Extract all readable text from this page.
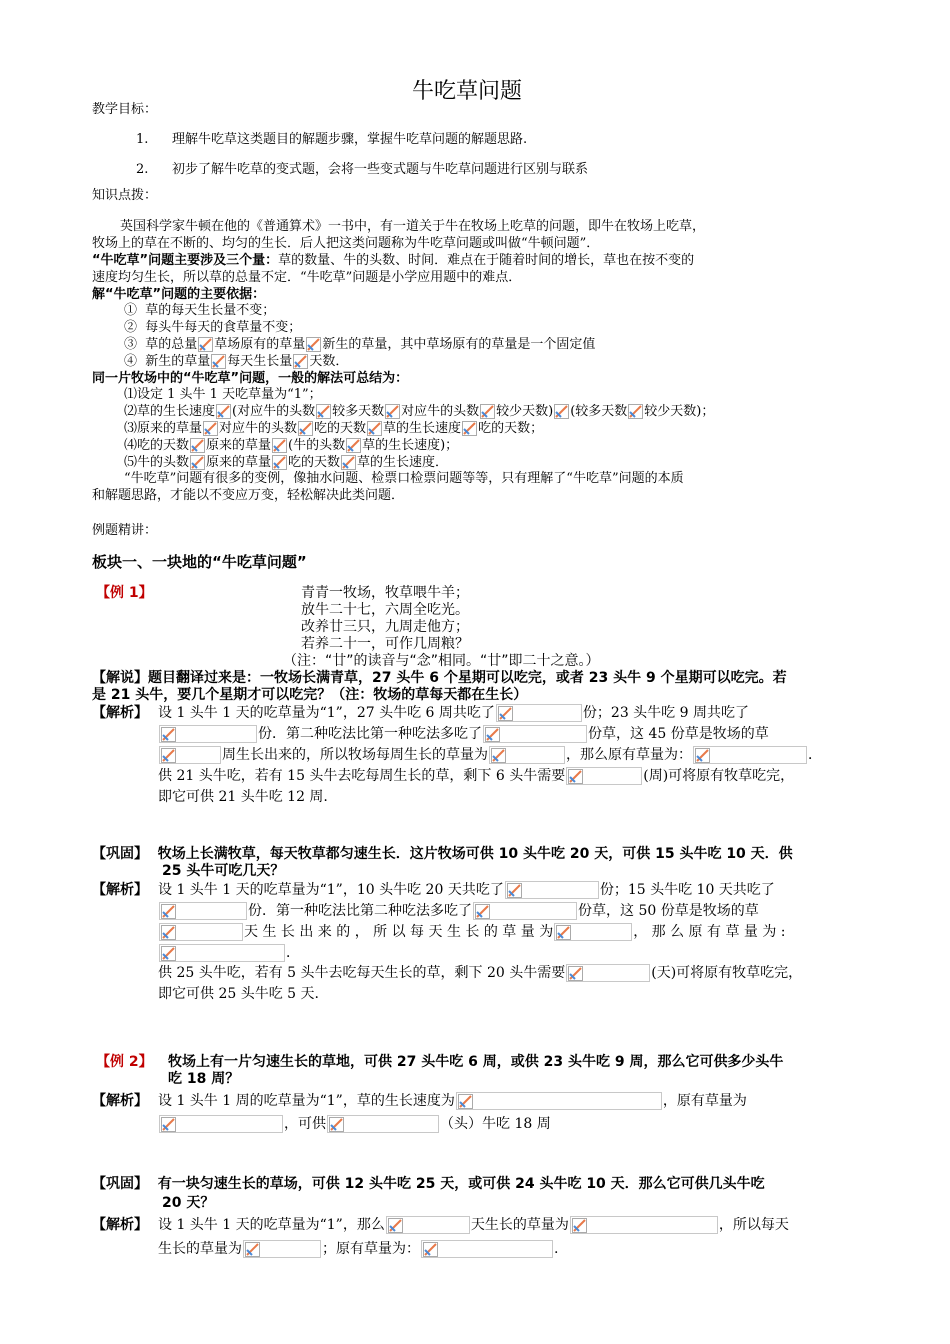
牛吃草问题
教学目标：
1. 理解牛吃草这类题目的解题步骤，掌握牛吃草问题的解题思路.
2. 初步了解牛吃草的变式题，会将一些变式题与牛吃草问题进行区别与联系
知识点拨：
英国科学家牛顿在他的《普通算术》一书中，有一道关于牛在牧场上吃草的问题，即牛在牧场上吃草，
牧场上的草在不断的、均匀的生长．后人把这类问题称为牛吃草问题或叫做“牛顿问题”．
“牛吃草”问题主要涉及三个量：草的数量、牛的头数、时间．难点在于随着时间的增长，草也在按不变的
速度均匀生长，所以草的总量不定．“牛吃草”问题是小学应用题中的难点．
解“牛吃草”问题的主要依据：
① 草的每天生长量不变；
② 每头牛每天的食草量不变；
③ 草的总量 草场原有的草量 新生的草量，其中草场原有的草量是一个固定值
④ 新生的草量 每天生长量 天数．
同一片牧场中的“牛吃草”问题，一般的解法可总结为：
⑴设定 1 头牛 1 天吃草量为“1”；
⑵草的生长速度 (对应牛的头数 较多天数 对应牛的头数 较少天数) (较多天数 较少天数)；
⑶原来的草量 对应牛的头数 吃的天数 草的生长速度 吃的天数；
⑷吃的天数 原来的草量 (牛的头数 草的生长速度)；
⑸牛的头数 原来的草量 吃的天数 草的生长速度．
“牛吃草”问题有很多的变例，像抽水问题、检票口检票问题等等，只有理解了“牛吃草”问题的本质
和解题思路，才能以不变应万变，轻松解决此类问题．
例题精讲：
板块一、一块地的“牛吃草问题”
【例 1】	青青一牧场，牧草喂牛羊；
放牛二十七，六周全吃光。
改养廿三只，九周走他方；
若养二十一，可作几周粮？
（注：“廿”的读音与“念”相同。“廿”即二十之意。）
【解说】题目翻译过来是：一牧场长满青草，27 头牛 6 个星期可以吃完，或者 23 头牛 9 个星期可以吃完。若
是 21 头牛，要几个星期才可以吃完？（注：牧场的草每天都在生长）
【解析】 设 1 头牛 1 天的吃草量为“1”，27 头牛吃 6 周共吃了	份；23 头牛吃 9 周共吃了
份．第二种吃法比第一种吃法多吃了	份草，这 45 份草是牧场的草
周生长出来的，所以牧场每周生长的草量为	，那么原有草量为：	．
供 21 头牛吃，若有 15 头牛去吃每周生长的草，剩下 6 头牛需要	(周)可将原有牧草吃完，
即它可供 21 头牛吃 12 周.
【巩固】 牧场上长满牧草，每天牧草都匀速生长．这片牧场可供 10 头牛吃 20 天，可供 15 头牛吃 10 天．供
25 头牛可吃几天？
【解析】 设 1 头牛 1 天的吃草量为“1”，10 头牛吃 20 天共吃了	份；15 头牛吃 10 天共吃了
份．第一种吃法比第二种吃法多吃了	份草，这 50 份草是牧场的草
天 生 长 出 来 的 ， 所 以 每 天 生 长 的 草 量 为	， 那 么 原 有 草 量 为 :
．
供 25 头牛吃，若有 5 头牛去吃每天生长的草，剩下 20 头牛需要	(天)可将原有牧草吃完，
即它可供 25 头牛吃 5 天.
【例 2】 牧场上有一片匀速生长的草地，可供 27 头牛吃 6 周，或供 23 头牛吃 9 周，那么它可供多少头牛
吃 18 周？
【解析】 设 1 头牛 1 周的吃草量为“1”，草的生长速度为	，原有草量为
，可供	（头）牛吃 18 周
【巩固】 有一块匀速生长的草场，可供 12 头牛吃 25 天，或可供 24 头牛吃 10 天．那么它可供几头牛吃
20 天？
【解析】 设 1 头牛 1 天的吃草量为“1”，那么	天生长的草量为	，所以每天
生长的草量为	；原有草量为：	.
